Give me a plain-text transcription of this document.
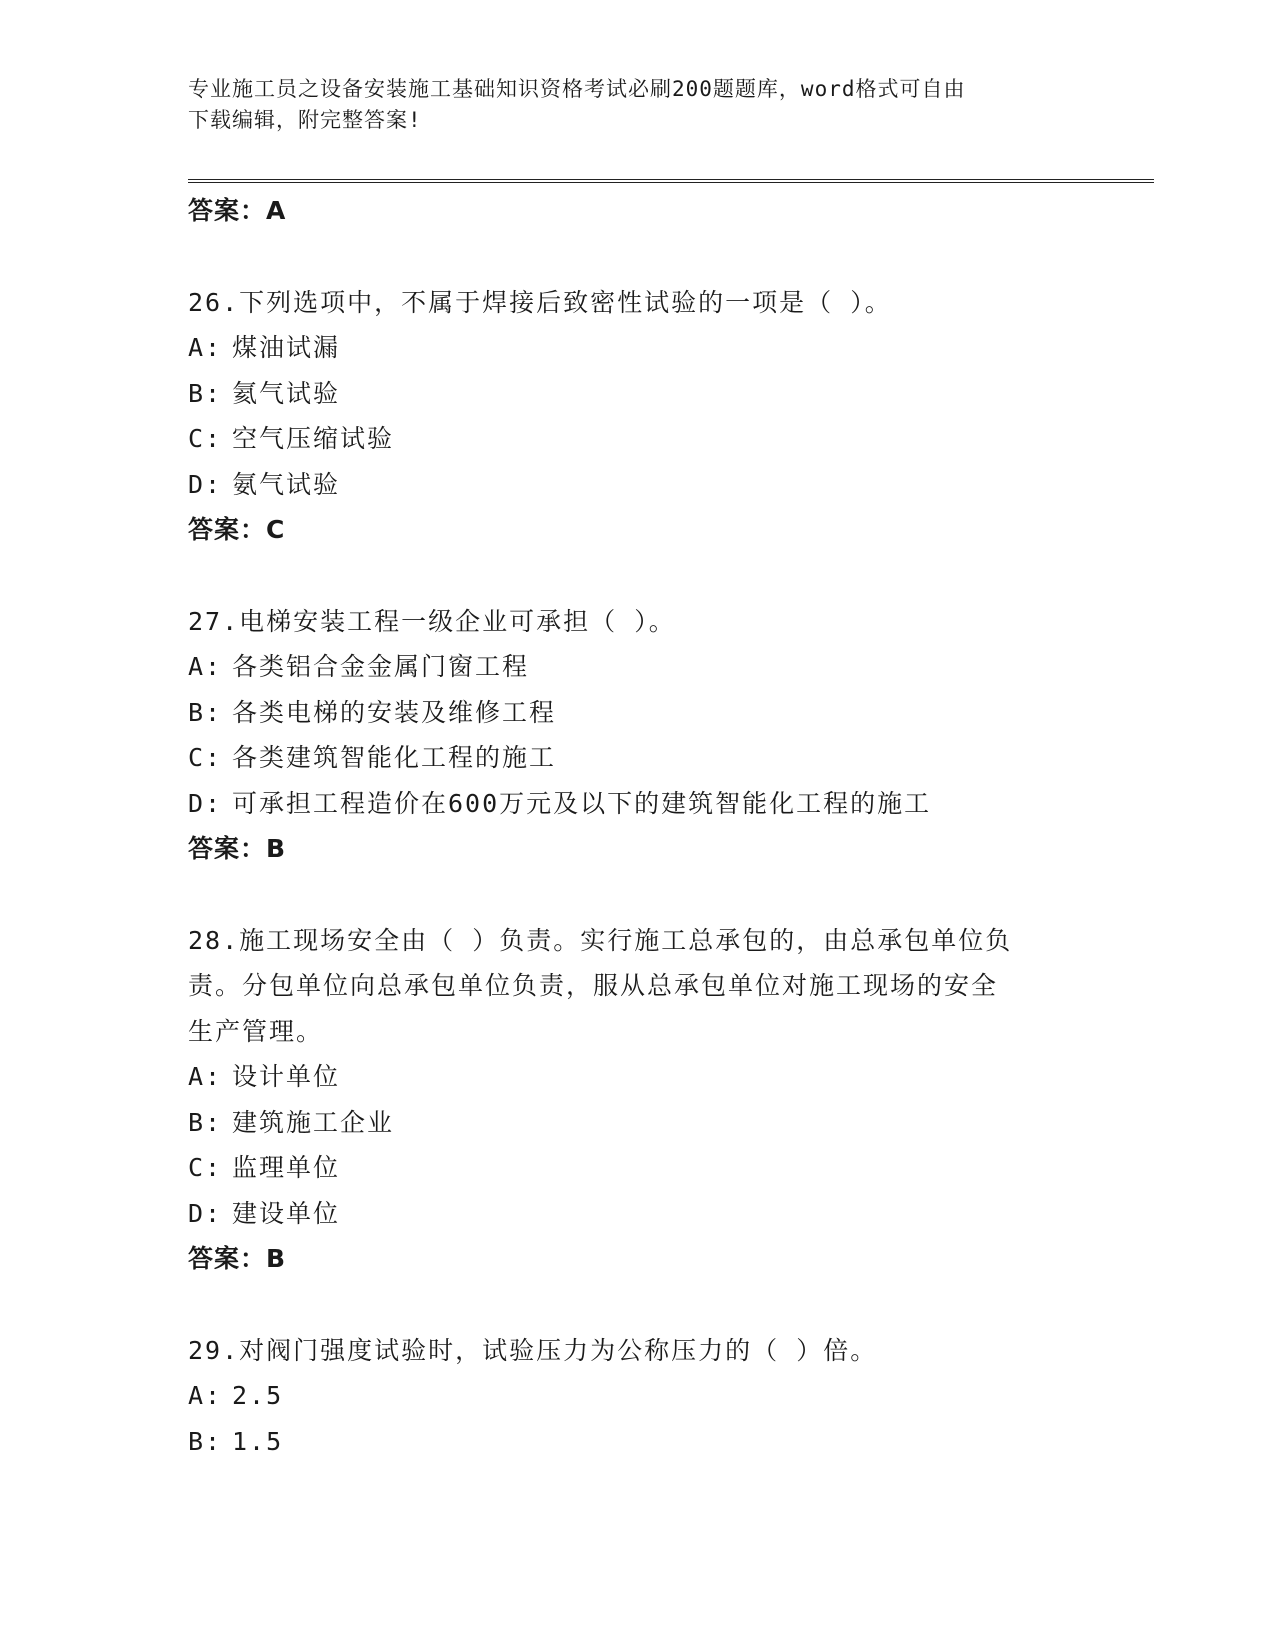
专业施工员之设备安装施工基础知识资格考试必刷200题题库，word格式可自由
下载编辑，附完整答案!
答案：A
26.下列选项中，不属于焊接后致密性试验的一项是（ ）。
A: 煤油试漏
B: 氦气试验
C: 空气压缩试验
D: 氨气试验
答案：C
27.电梯安装工程一级企业可承担（ ）。
A: 各类铝合金金属门窗工程
B: 各类电梯的安装及维修工程
C: 各类建筑智能化工程的施工
D: 可承担工程造价在600万元及以下的建筑智能化工程的施工
答案：B
28.施工现场安全由（ ）负责。实行施工总承包的，由总承包单位负
责。分包单位向总承包单位负责，服从总承包单位对施工现场的安全
生产管理。
A: 设计单位
B: 建筑施工企业
C: 监理单位
D: 建设单位
答案：B
29.对阀门强度试验时，试验压力为公称压力的（ ）倍。
A: 2.5
B: 1.5
